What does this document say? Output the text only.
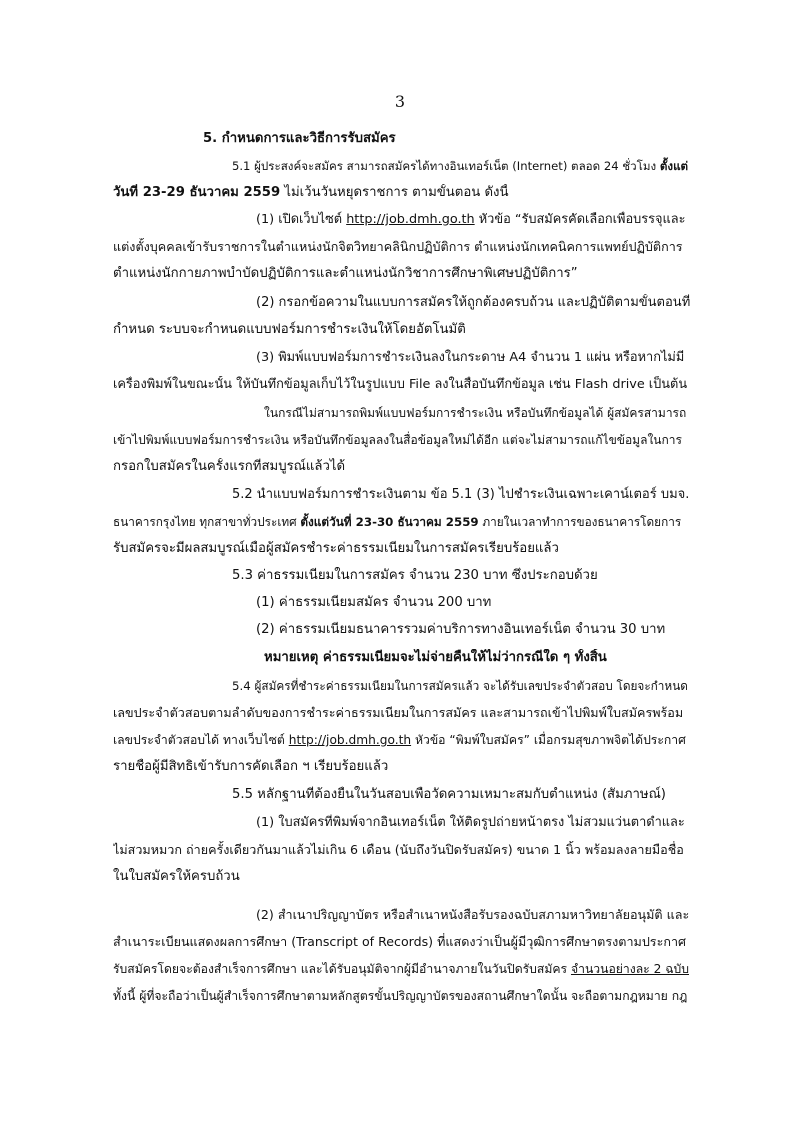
3
5. กำหนดการและวิธีการรับสมัคร
5.1 ผู้ประสงค์จะสมัคร สามารถสมัครได้ทางอินเทอร์เน็ต (Internet) ตลอด 24 ชั่วโมง ตั้งแต่
วันที่ 23-29 ธันวาคม 2559 ไม่เว้นวันหยุดราชการ ตามขั้นตอน ดังนี้
(1) เปิดเว็บไซต์ http://job.dmh.go.th หัวข้อ “รับสมัครคัดเลือกเพื่อบรรจุและ
แต่งตั้งบุคคลเข้ารับราชการในตำแหน่งนักจิตวิทยาคลินิกปฏิบัติการ ตำแหน่งนักเทคนิคการแพทย์ปฏิบัติการ
ตำแหน่งนักกายภาพบำบัดปฏิบัติการและตำแหน่งนักวิชาการศึกษาพิเศษปฏิบัติการ”
(2) กรอกข้อความในแบบการสมัครให้ถูกต้องครบถ้วน และปฏิบัติตามขั้นตอนที่
กำหนด ระบบจะกำหนดแบบฟอร์มการชำระเงินให้โดยอัตโนมัติ
(3) พิมพ์แบบฟอร์มการชำระเงินลงในกระดาษ A4 จำนวน 1 แผ่น หรือหากไม่มี
เครื่องพิมพ์ในขณะนั้น ให้บันทึกข้อมูลเก็บไว้ในรูปแบบ File ลงในสื่อบันทึกข้อมูล เช่น Flash drive เป็นต้น
ในกรณีไม่สามารถพิมพ์แบบฟอร์มการชำระเงิน หรือบันทึกข้อมูลได้ ผู้สมัครสามารถ
เข้าไปพิมพ์แบบฟอร์มการชำระเงิน หรือบันทึกข้อมูลลงในสื่อข้อมูลใหม่ได้อีก แต่จะไม่สามารถแก้ไขข้อมูลในการ
กรอกใบสมัครในครั้งแรกที่สมบูรณ์แล้วได้
5.2 นำแบบฟอร์มการชำระเงินตาม ข้อ 5.1 (3) ไปชำระเงินเฉพาะเคาน์เตอร์ บมจ.
ธนาคารกรุงไทย ทุกสาขาทั่วประเทศ ตั้งแต่วันที่ 23-30 ธันวาคม 2559 ภายในเวลาทำการของธนาคารโดยการ
รับสมัครจะมีผลสมบูรณ์เมื่อผู้สมัครชำระค่าธรรมเนียมในการสมัครเรียบร้อยแล้ว
5.3 ค่าธรรมเนียมในการสมัคร จำนวน 230 บาท ซึ่งประกอบด้วย
(1) ค่าธรรมเนียมสมัคร จำนวน 200 บาท
(2) ค่าธรรมเนียมธนาคารรวมค่าบริการทางอินเทอร์เน็ต จำนวน 30 บาท
หมายเหตุ ค่าธรรมเนียมจะไม่จ่ายคืนให้ไม่ว่ากรณีใด ๆ ทั้งสิ้น
5.4 ผู้สมัครที่ชำระค่าธรรมเนียมในการสมัครแล้ว จะได้รับเลขประจำตัวสอบ โดยจะกำหนด
เลขประจำตัวสอบตามลำดับของการชำระค่าธรรมเนียมในการสมัคร และสามารถเข้าไปพิมพ์ใบสมัครพร้อม
เลขประจำตัวสอบได้ ทางเว็บไซต์ http://job.dmh.go.th หัวข้อ “พิมพ์ใบสมัคร” เมื่อกรมสุขภาพจิตได้ประกาศ
รายชื่อผู้มีสิทธิเข้ารับการคัดเลือก ฯ เรียบร้อยแล้ว
5.5 หลักฐานที่ต้องยื่นในวันสอบเพื่อวัดความเหมาะสมกับตำแหน่ง (สัมภาษณ์)
(1) ใบสมัครที่พิมพ์จากอินเทอร์เน็ต ให้ติดรูปถ่ายหน้าตรง ไม่สวมแว่นตาดำและ
ไม่สวมหมวก ถ่ายครั้งเดียวกันมาแล้วไม่เกิน 6 เดือน (นับถึงวันปิดรับสมัคร) ขนาด 1 นิ้ว พร้อมลงลายมือชื่อ
ในใบสมัครให้ครบถ้วน
(2) สำเนาปริญญาบัตร หรือสำเนาหนังสือรับรองฉบับสภามหาวิทยาลัยอนุมัติ และ
สำเนาระเบียนแสดงผลการศึกษา (Transcript of Records) ที่แสดงว่าเป็นผู้มีวุฒิการศึกษาตรงตามประกาศ
รับสมัครโดยจะต้องสำเร็จการศึกษา และได้รับอนุมัติจากผู้มีอำนาจภายในวันปิดรับสมัคร จำนวนอย่างละ 2 ฉบับ
ทั้งนี้ ผู้ที่จะถือว่าเป็นผู้สำเร็จการศึกษาตามหลักสูตรขั้นปริญญาบัตรของสถานศึกษาใดนั้น จะถือตามกฎหมาย กฎ
